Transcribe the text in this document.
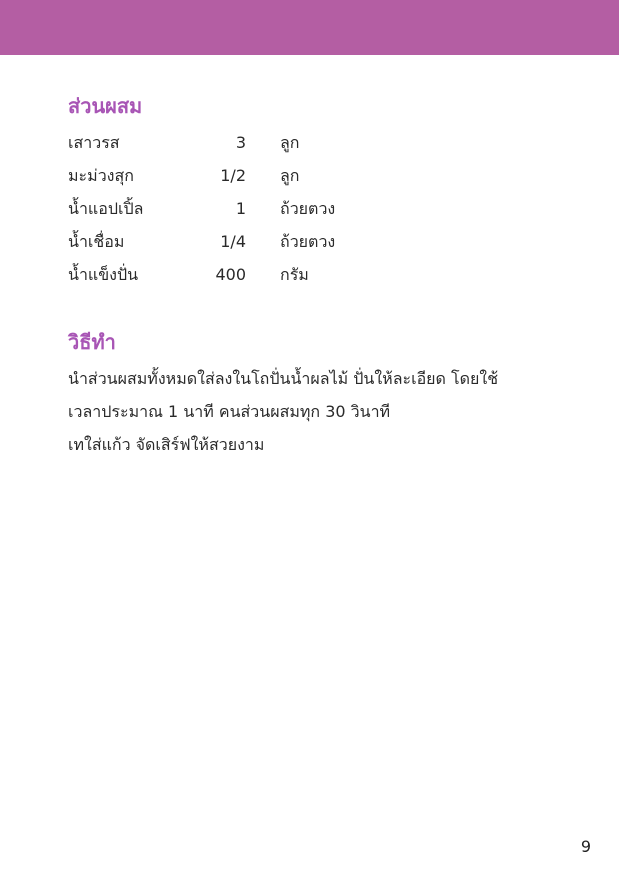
ส่วนผสม
เสาวรส	3 ลูก
มะม่วงสุก	1/2 ลูก
น้ำแอปเปิ้ล	1 ถ้วยตวง
น้ำเชื่อม	1/4 ถ้วยตวง
น้ำแข็งปั่น	400 กรัม
วิธีทำ
นำส่วนผสมทั้งหมดใส่ลงในโถปั่นน้ำผลไม้ ปั่นให้ละเอียด โดยใช้
เวลาประมาณ 1 นาที คนส่วนผสมทุก 30 วินาที
เทใส่แก้ว จัดเสิร์ฟให้สวยงาม
9
